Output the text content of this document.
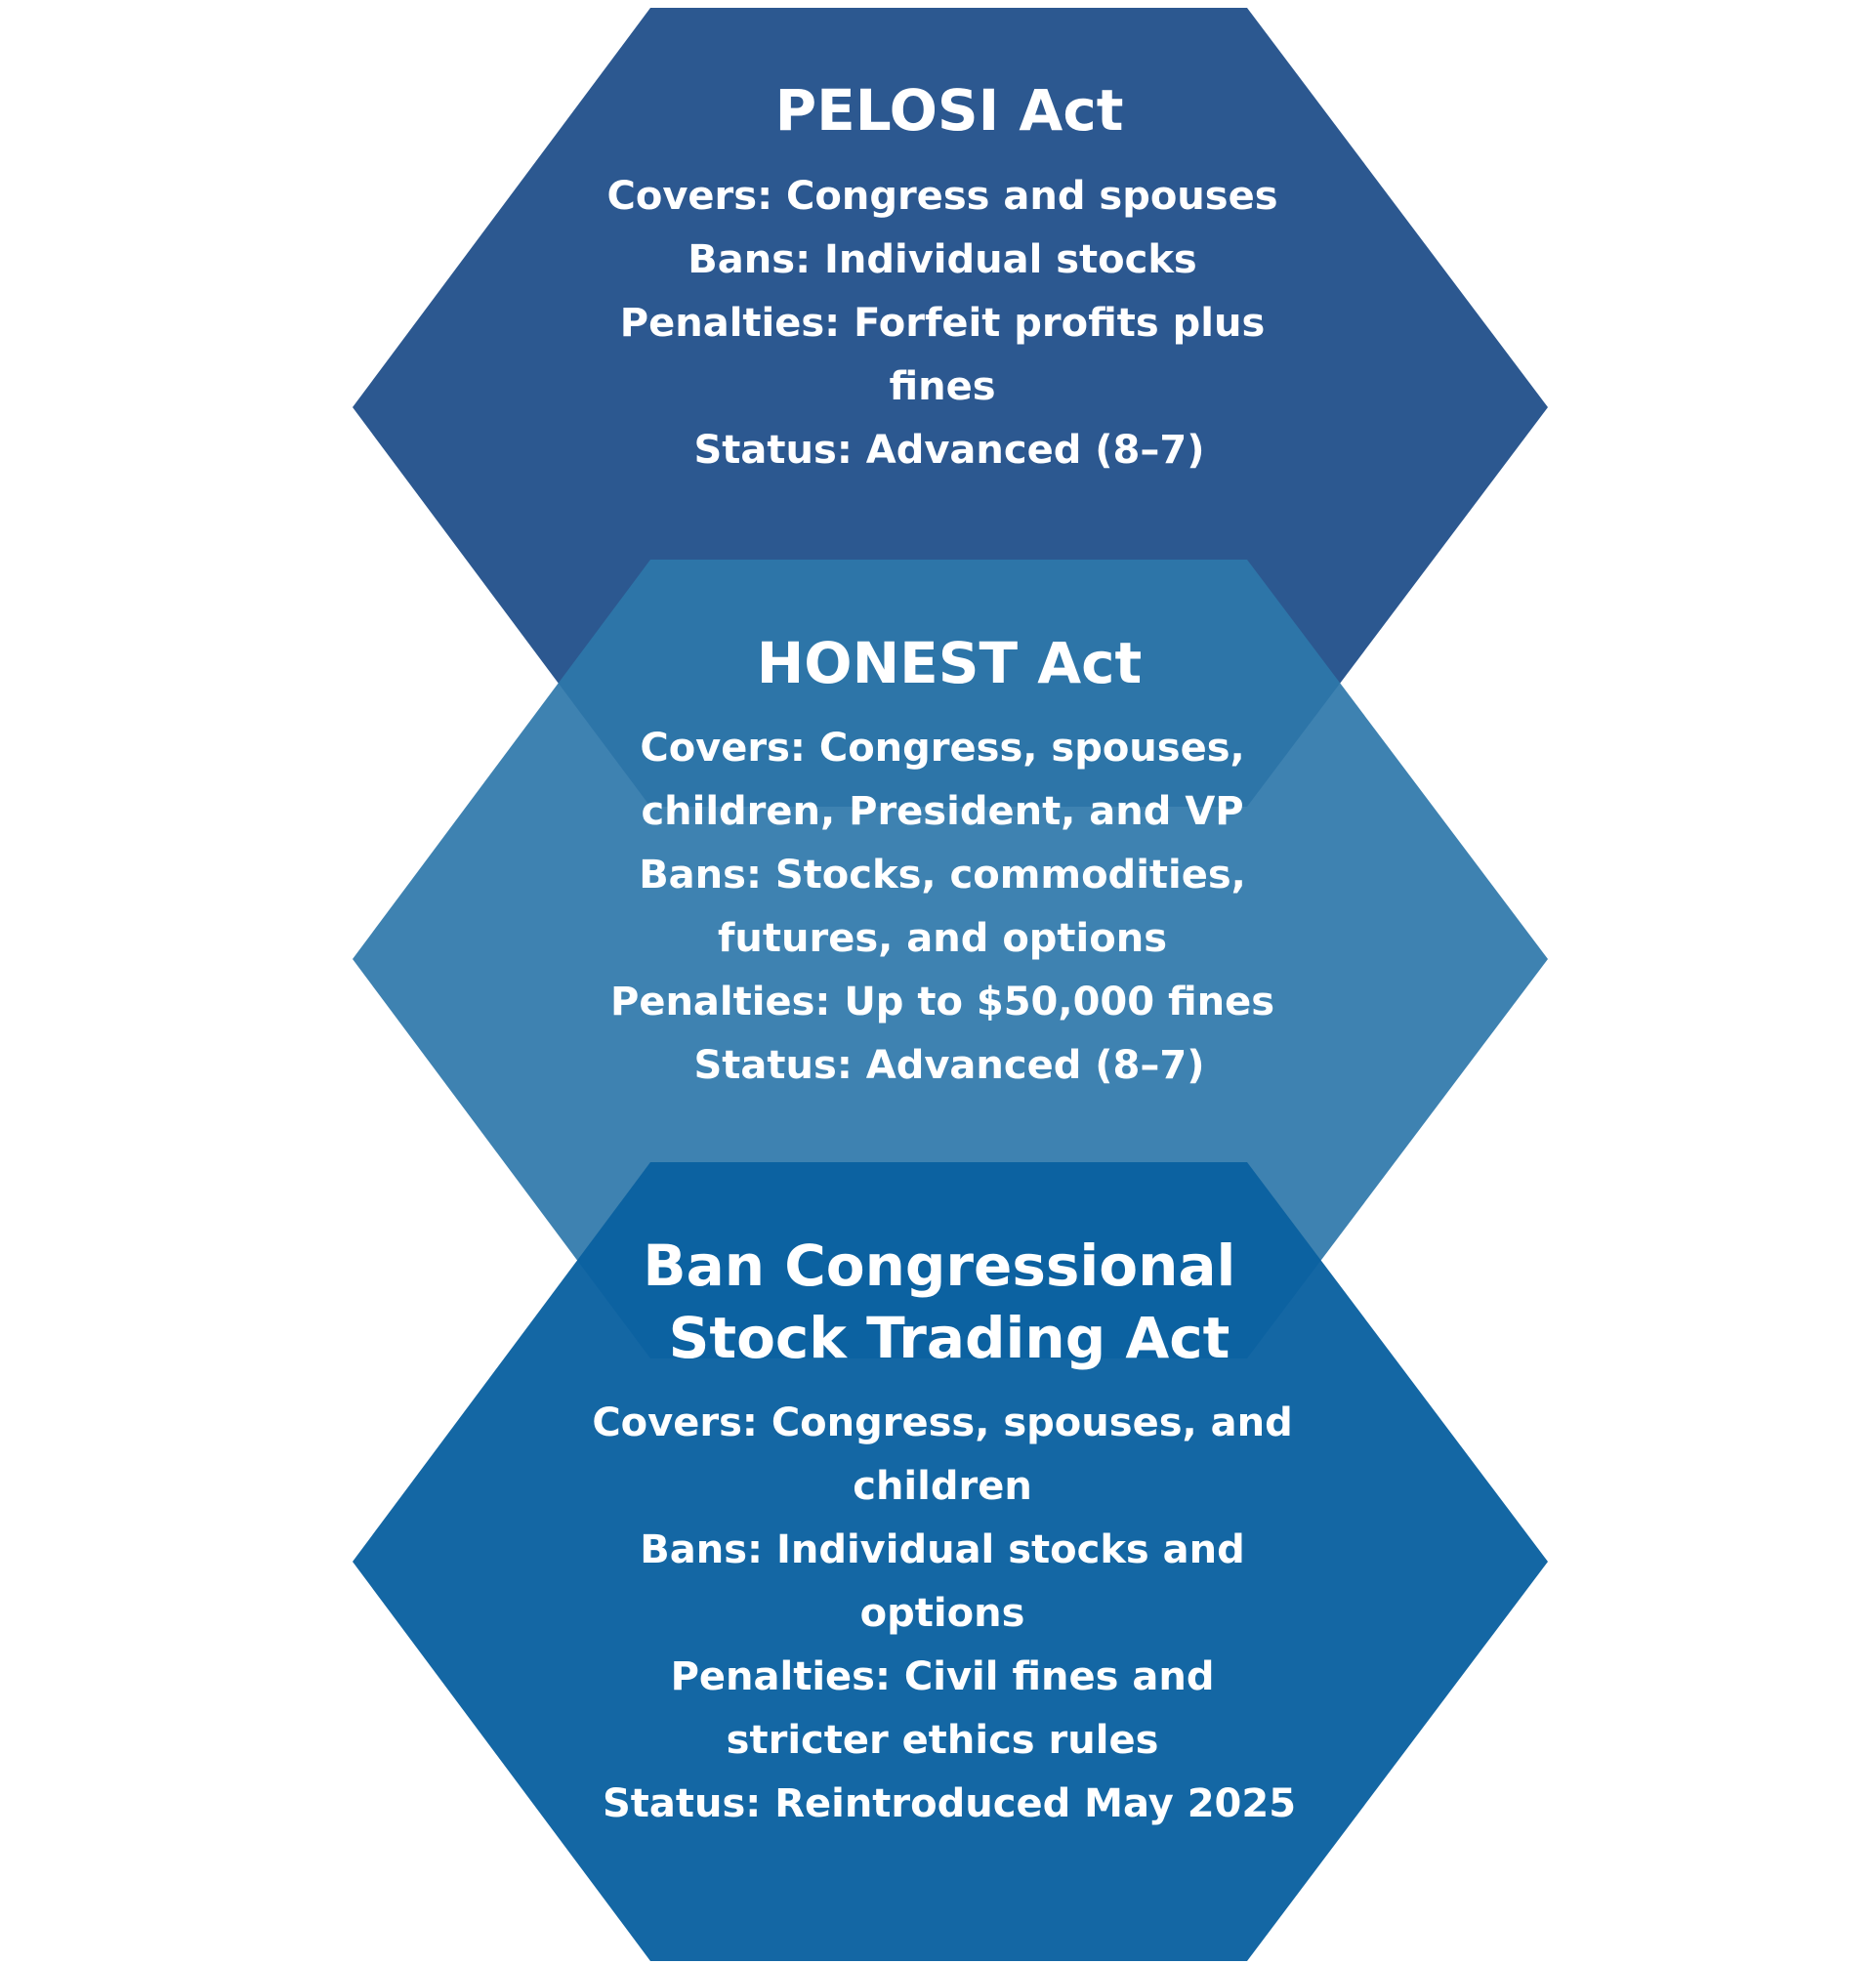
PELOSI Act
Covers: Congress and spouses Bans: Individual stocks Penalties: Forfeit profits plus fines Status: Advanced (8–7)
HONEST Act
Covers: Congress, spouses, children, President, and VP Bans: Stocks, commodities, futures, and options Penalties: Up to $50,000 fines Status: Advanced (8–7)
Ban Congressional Stock Trading Act
Covers: Congress, spouses, and children Bans: Individual stocks and options Penalties: Civil fines and stricter ethics rules Status: Reintroduced May 2025
